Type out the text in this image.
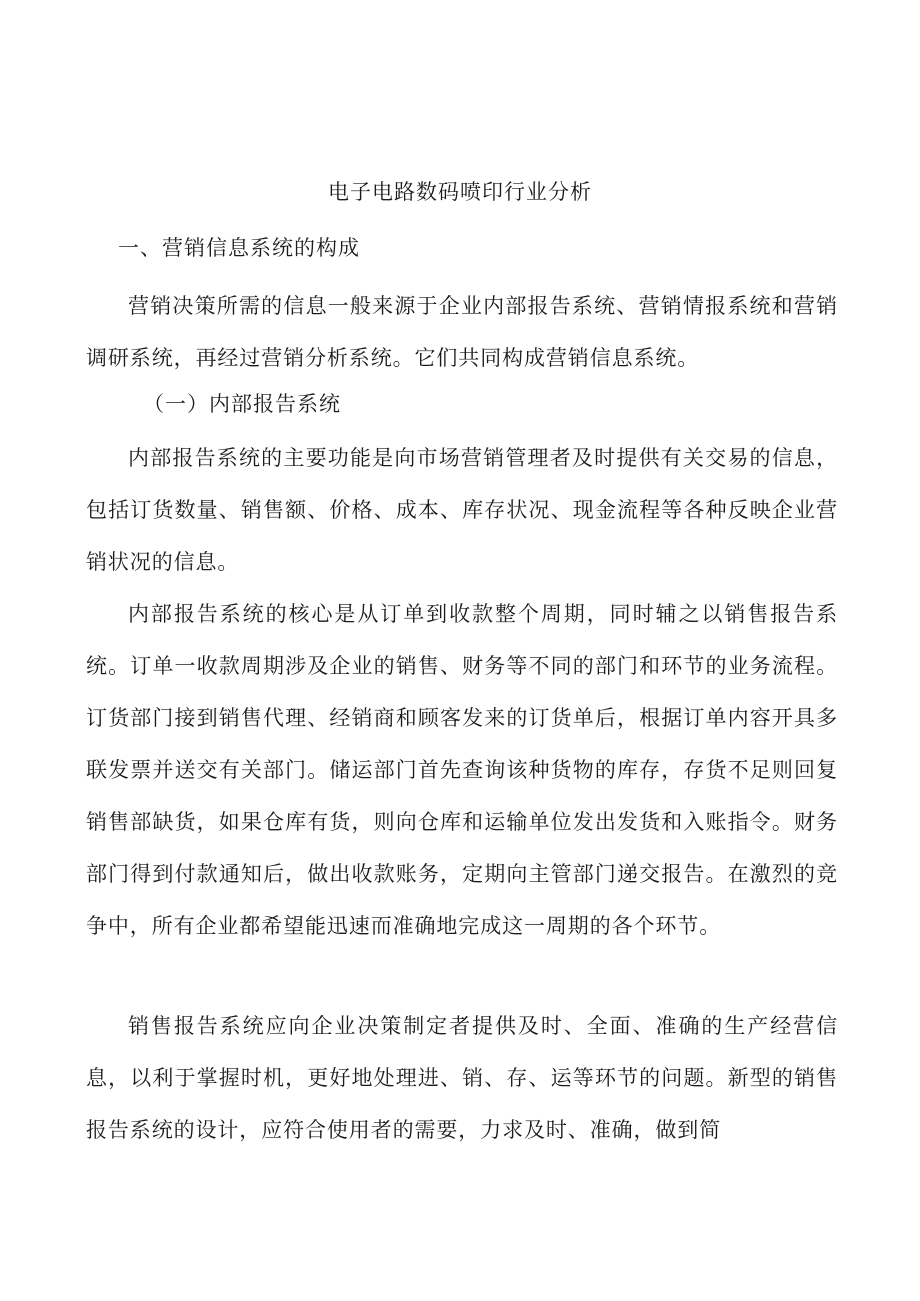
电子电路数码喷印行业分析
一、营销信息系统的构成

营销决策所需的信息一般来源于企业内部报告系统、营销情报系统和营销调研系统，再经过营销分析系统。它们共同构成营销信息系统。

（一）内部报告系统

内部报告系统的主要功能是向市场营销管理者及时提供有关交易的信息，包括订货数量、销售额、价格、成本、库存状况、现金流程等各种反映企业营销状况的信息。

内部报告系统的核心是从订单到收款整个周期，同时辅之以销售报告系统。订单一收款周期涉及企业的销售、财务等不同的部门和环节的业务流程。订货部门接到销售代理、经销商和顾客发来的订货单后，根据订单内容开具多联发票并送交有关部门。储运部门首先查询该种货物的库存，存货不足则回复销售部缺货，如果仓库有货，则向仓库和运输单位发出发货和入账指令。财务部门得到付款通知后，做出收款账务，定期向主管部门递交报告。在激烈的竞争中，所有企业都希望能迅速而准确地完成这一周期的各个环节。

销售报告系统应向企业决策制定者提供及时、全面、准确的生产经营信息，以利于掌握时机，更好地处理进、销、存、运等环节的问题。新型的销售报告系统的设计，应符合使用者的需要，力求及时、准确，做到简
